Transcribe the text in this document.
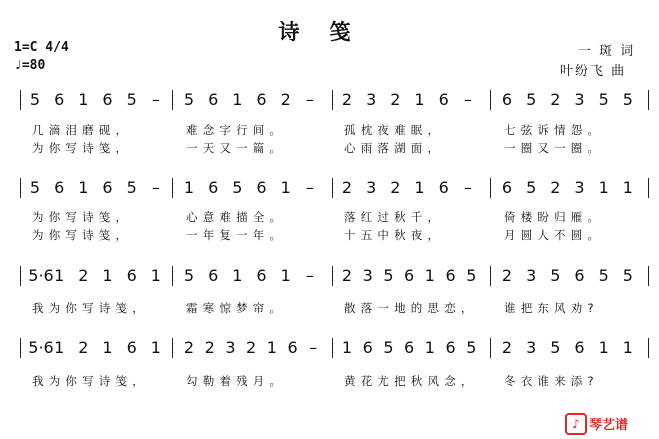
诗笺
1=C 4/4
♩=80
一 斑 词
叶纷飞 曲
5 6 1 6 5 – 5 6 1 6 2 – 2 3 2 1 6 – 6 5 2 3 5 5
几滴泪磨砚，	难念字行间。	孤枕夜难眠，	七弦诉情怨。
为你写诗笺，	一天又一篇。	心雨落湖面，	一圈又一圈。
5 6 1 6 5 – 1 6 5 6 1 – 2 3 2 1 6 – 6 5 2 3 1 1
为你写诗笺，	心意难描全。	落红过秋千，	倚楼盼归雁。
为你写诗笺，	一年复一年。	十五中秋夜，	月圆人不圆。
5·6 1 2 1 6 1 5 6 1 6 1 – 2 3 5 6 1 6 5 2 3 5 6 5 5
我为你写诗笺，	霜寒惊梦帘。	散落一地的思恋， 谁把东风劝?
5·6 1 2 1 6 1 2 2 3 2 1 6 – 1 6 5 6 1 6 5 2 3 5 6 1 1
我为你写诗笺，	勾勒着残月。	黄花尤把秋风念， 冬衣谁来添?
♪ 琴艺谱
